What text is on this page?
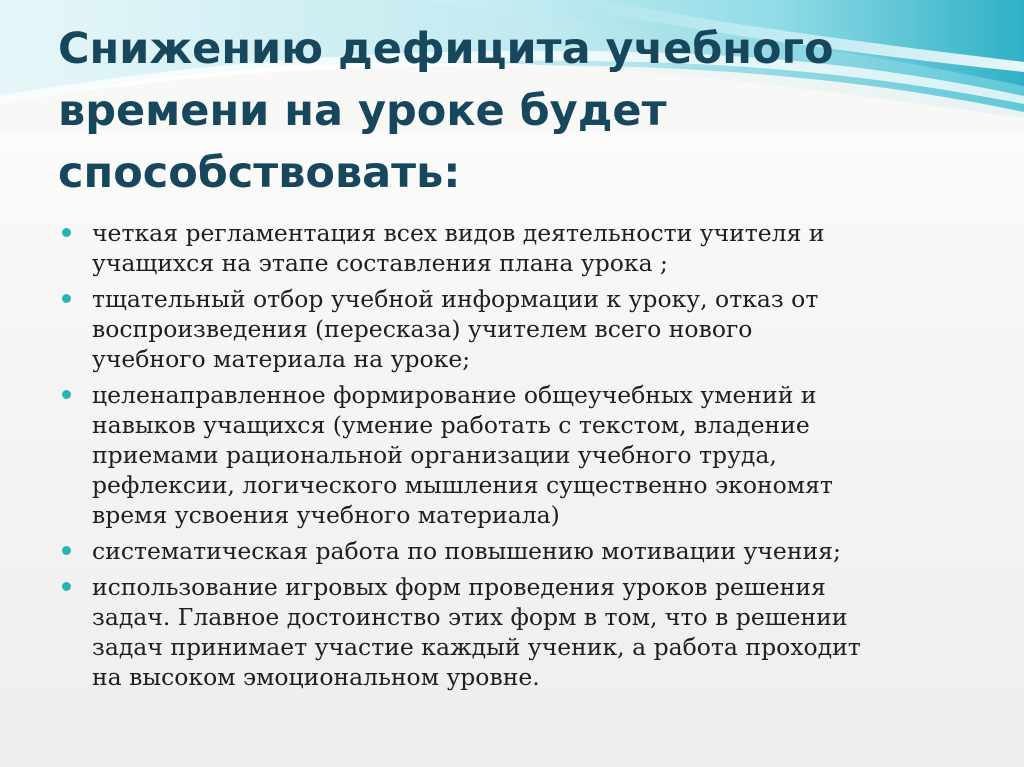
Снижению дефицита учебного
времени на уроке будет
способствовать:
четкая регламентация всех видов деятельности учителя и
учащихся на этапе составления плана урока ;
тщательный отбор учебной информации к уроку, отказ от
воспроизведения (пересказа) учителем всего нового
учебного материала на уроке;
целенаправленное формирование общеучебных умений и
навыков учащихся (умение работать с текстом, владение
приемами рациональной организации учебного труда,
рефлексии, логического мышления существенно экономят
время усвоения учебного материала)
систематическая работа по повышению мотивации учения;
использование игровых форм проведения уроков решения
задач. Главное достоинство этих форм в том, что в решении
задач принимает участие каждый ученик, а работа проходит
на высоком эмоциональном уровне.
